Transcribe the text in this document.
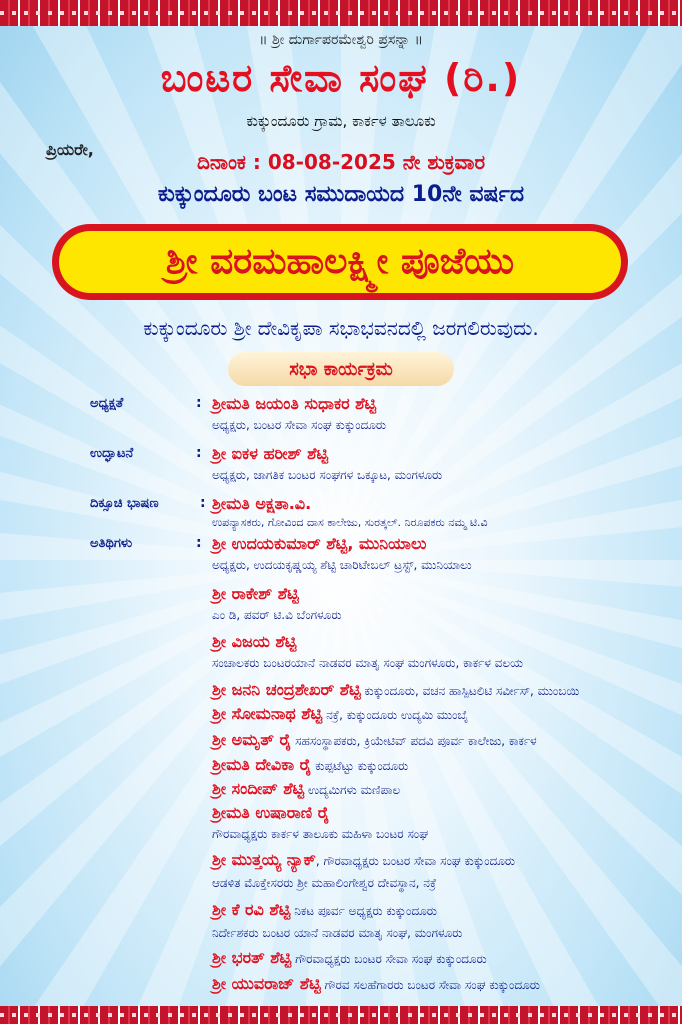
॥ ಶ್ರೀ ದುರ್ಗಾಪರಮೇಶ್ವರಿ ಪ್ರಸನ್ನಾ ॥
ಬಂಟರ ಸೇವಾ ಸಂಘ (ರಿ.)
ಕುಕ್ಕುಂದೂರು ಗ್ರಾಮ, ಕಾರ್ಕಳ ತಾಲೂಕು
ಪ್ರಿಯರೇ,
ದಿನಾಂಕ : 08-08-2025 ನೇ ಶುಕ್ರವಾರ
ಕುಕ್ಕುಂದೂರು ಬಂಟ ಸಮುದಾಯದ 10ನೇ ವರ್ಷದ
ಶ್ರೀ ವರಮಹಾಲಕ್ಷ್ಮೀ ಪೂಜೆಯು
ಕುಕ್ಕುಂದೂರು ಶ್ರೀ ದೇವಿಕೃಪಾ ಸಭಾಭವನದಲ್ಲಿ ಜರಗಲಿರುವುದು.
ಸಭಾ ಕಾರ್ಯಕ್ರಮ
ಅಧ್ಯಕ್ಷತೆ	: ಶ್ರೀಮತಿ ಜಯಂತಿ ಸುಧಾಕರ ಶೆಟ್ಟಿ
ಅಧ್ಯಕ್ಷರು, ಬಂಟರ ಸೇವಾ ಸಂಘ ಕುಕ್ಕುಂದೂರು
ಉದ್ಘಾಟನೆ	: ಶ್ರೀ ಐಕಳ ಹರೀಶ್ ಶೆಟ್ಟಿ
ಅಧ್ಯಕ್ಷರು, ಜಾಗತಿಕ ಬಂಟರ ಸಂಘಗಳ ಒಕ್ಕೂಟ, ಮಂಗಳೂರು
ದಿಕ್ಸೂಚಿ ಭಾಷಣ	: ಶ್ರೀಮತಿ ಅಕ್ಷತಾ.ವಿ.
ಉಪನ್ಯಾಸಕರು, ಗೋವಿಂದ ದಾಸ ಕಾಲೇಜು, ಸುರತ್ಕಲ್. ನಿರೂಪಕರು ನಮ್ಮ ಟಿ.ವಿ
ಅತಿಥಿಗಳು	: ಶ್ರೀ ಉದಯಕುಮಾರ್ ಶೆಟ್ಟಿ, ಮುನಿಯಾಲು
ಅಧ್ಯಕ್ಷರು, ಉದಯಕೃಷ್ಣಯ್ಯ ಶೆಟ್ಟಿ ಚಾರಿಟೇಬಲ್ ಟ್ರಸ್ಟ್, ಮುನಿಯಾಲು
ಶ್ರೀ ರಾಕೇಶ್ ಶೆಟ್ಟಿ
ಎಂ ಡಿ, ಪವರ್ ಟಿ.ವಿ ಬೆಂಗಳೂರು
ಶ್ರೀ ವಿಜಯ ಶೆಟ್ಟಿ
ಸಂಚಾಲಕರು ಬಂಟರಯಾನೆ ನಾಡವರ ಮಾತೃ ಸಂಘ ಮಂಗಳೂರು, ಕಾರ್ಕಳ ವಲಯ
ಶ್ರೀ ಜನನಿ ಚಂದ್ರಶೇಖರ್ ಶೆಟ್ಟಿ ಕುಕ್ಕುಂದೂರು, ವಚನ ಹಾಸ್ಪಿಟಲಿಟಿ ಸರ್ವೀಸ್, ಮುಂಬಯಿ
ಶ್ರೀ ಸೋಮನಾಥ ಶೆಟ್ಟಿ ನಕ್ರೆ, ಕುಕ್ಕುಂದೂರು ಉದ್ಯಮಿ ಮುಂಬೈ
ಶ್ರೀ ಅಮೃತ್ ರೈ ಸಹಸಂಸ್ಥಾಪಕರು, ಕ್ರಿಯೇಟಿವ್ ಪದವಿ ಪೂರ್ವ ಕಾಲೇಜು, ಕಾರ್ಕಳ
ಶ್ರೀಮತಿ ದೇವಿಕಾ ರೈ ಕುಪ್ಪಟೆಟ್ಟು ಕುಕ್ಕುಂದೂರು
ಶ್ರೀ ಸಂದೀಪ್ ಶೆಟ್ಟಿ ಉದ್ಯಮಿಗಳು ಮಣಿಪಾಲ
ಶ್ರೀಮತಿ ಉಷಾರಾಣಿ ರೈ
ಗೌರವಾಧ್ಯಕ್ಷರು ಕಾರ್ಕಳ ತಾಲೂಕು ಮಹಿಳಾ ಬಂಟರ ಸಂಘ
ಶ್ರೀ ಮುತ್ತಯ್ಯ ನ್ಯಾಕ್, ಗೌರವಾಧ್ಯಕ್ಷರು ಬಂಟರ ಸೇವಾ ಸಂಘ ಕುಕ್ಕುಂದೂರು
ಆಡಳಿತ ಮೊಕ್ತೇಸರರು ಶ್ರೀ ಮಹಾಲಿಂಗೇಶ್ವರ ದೇವಸ್ಥಾನ, ನಕ್ರೆ
ಶ್ರೀ ಕೆ ರವಿ ಶೆಟ್ಟಿ ನಿಕಟ ಪೂರ್ವ ಅಧ್ಯಕ್ಷರು ಕುಕ್ಕುಂದೂರು
ನಿರ್ದೇಶಕರು ಬಂಟರ ಯಾನೆ ನಾಡವರ ಮಾತೃ ಸಂಘ, ಮಂಗಳೂರು
ಶ್ರೀ ಭರತ್ ಶೆಟ್ಟಿ ಗೌರವಾಧ್ಯಕ್ಷರು ಬಂಟರ ಸೇವಾ ಸಂಘ ಕುಕ್ಕುಂದೂರು
ಶ್ರೀ ಯುವರಾಜ್ ಶೆಟ್ಟಿ ಗೌರವ ಸಲಹೆಗಾರರು ಬಂಟರ ಸೇವಾ ಸಂಘ ಕುಕ್ಕುಂದೂರು
